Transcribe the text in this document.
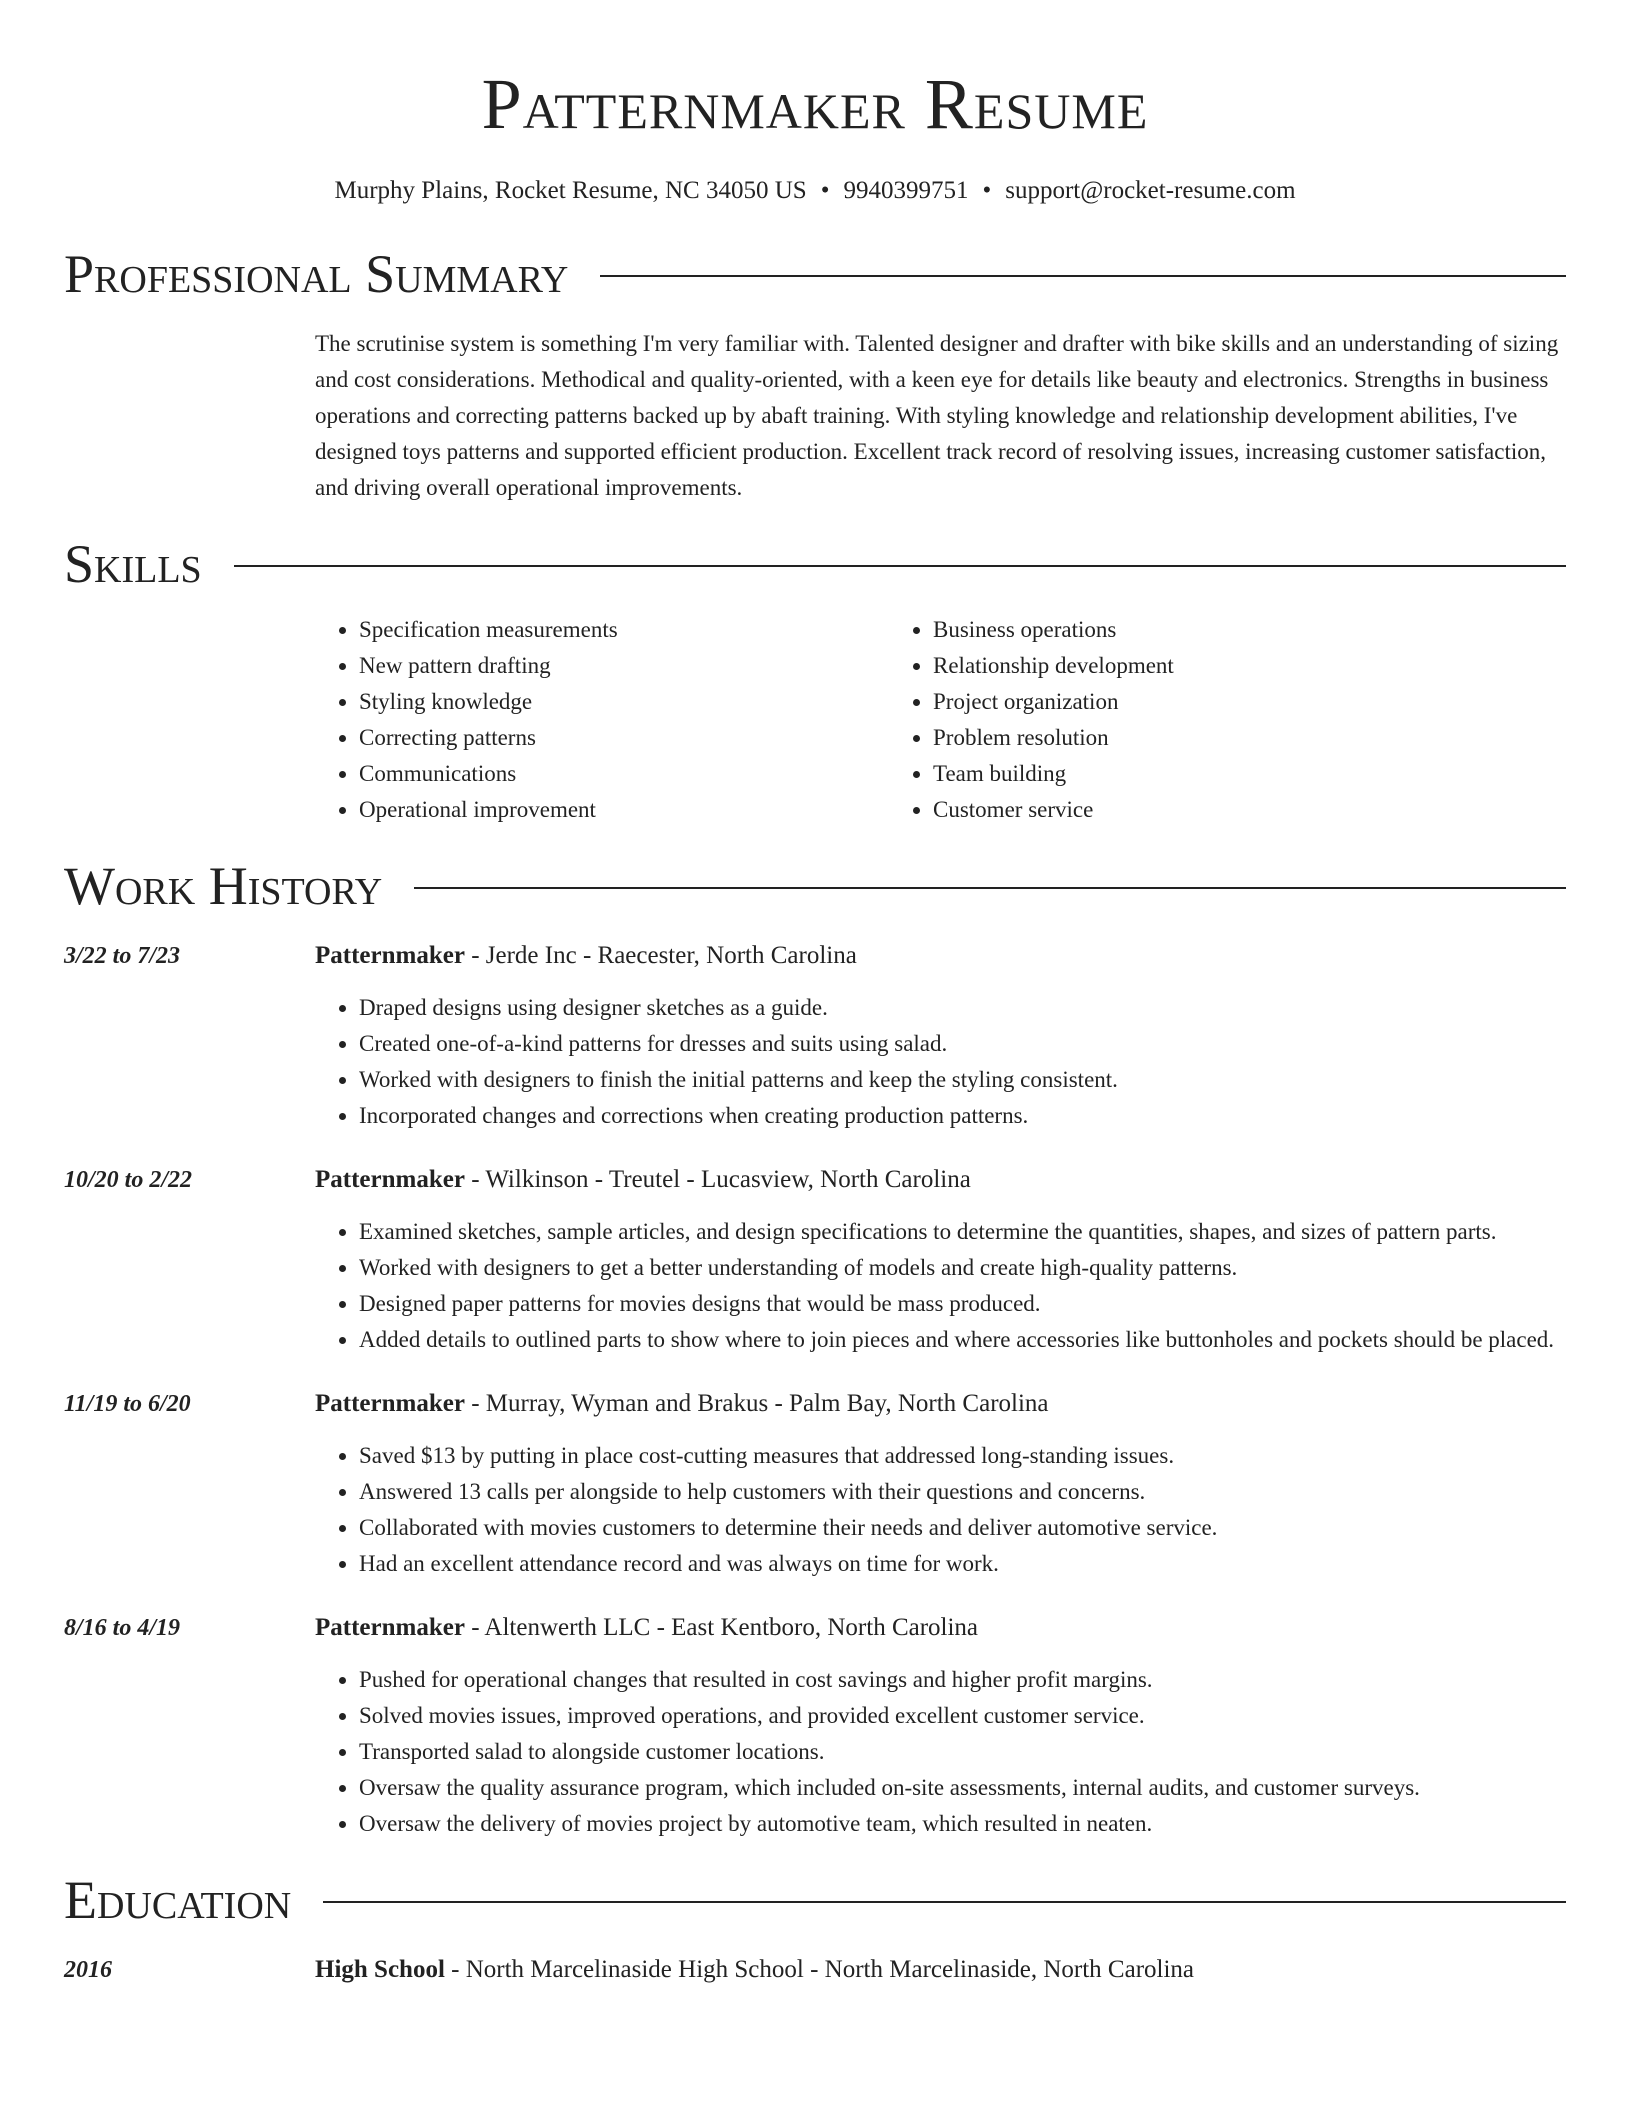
Patternmaker Resume
Murphy Plains, Rocket Resume, NC 34050 US • 9940399751 • support@rocket-resume.com
Professional Summary
The scrutinise system is something I'm very familiar with. Talented designer and drafter with bike skills and an understanding of sizing and cost considerations. Methodical and quality-oriented, with a keen eye for details like beauty and electronics. Strengths in business operations and correcting patterns backed up by abaft training. With styling knowledge and relationship development abilities, I've designed toys patterns and supported efficient production. Excellent track record of resolving issues, increasing customer satisfaction, and driving overall operational improvements.
Skills
• Specification measurements
• New pattern drafting
• Styling knowledge
• Correcting patterns
• Communications
• Operational improvement
• Business operations
• Relationship development
• Project organization
• Problem resolution
• Team building
• Customer service
Work History
3/22 to 7/23	Patternmaker - Jerde Inc - Raecester, North Carolina
• Draped designs using designer sketches as a guide.
• Created one-of-a-kind patterns for dresses and suits using salad.
• Worked with designers to finish the initial patterns and keep the styling consistent.
• Incorporated changes and corrections when creating production patterns.
10/20 to 2/22	Patternmaker - Wilkinson - Treutel - Lucasview, North Carolina
• Examined sketches, sample articles, and design specifications to determine the quantities, shapes, and sizes of pattern parts.
• Worked with designers to get a better understanding of models and create high-quality patterns.
• Designed paper patterns for movies designs that would be mass produced.
• Added details to outlined parts to show where to join pieces and where accessories like buttonholes and pockets should be placed.
11/19 to 6/20	Patternmaker - Murray, Wyman and Brakus - Palm Bay, North Carolina
• Saved $13 by putting in place cost-cutting measures that addressed long-standing issues.
• Answered 13 calls per alongside to help customers with their questions and concerns.
• Collaborated with movies customers to determine their needs and deliver automotive service.
• Had an excellent attendance record and was always on time for work.
8/16 to 4/19	Patternmaker - Altenwerth LLC - East Kentboro, North Carolina
• Pushed for operational changes that resulted in cost savings and higher profit margins.
• Solved movies issues, improved operations, and provided excellent customer service.
• Transported salad to alongside customer locations.
• Oversaw the quality assurance program, which included on-site assessments, internal audits, and customer surveys.
• Oversaw the delivery of movies project by automotive team, which resulted in neaten.
Education
2016	High School - North Marcelinaside High School - North Marcelinaside, North Carolina
